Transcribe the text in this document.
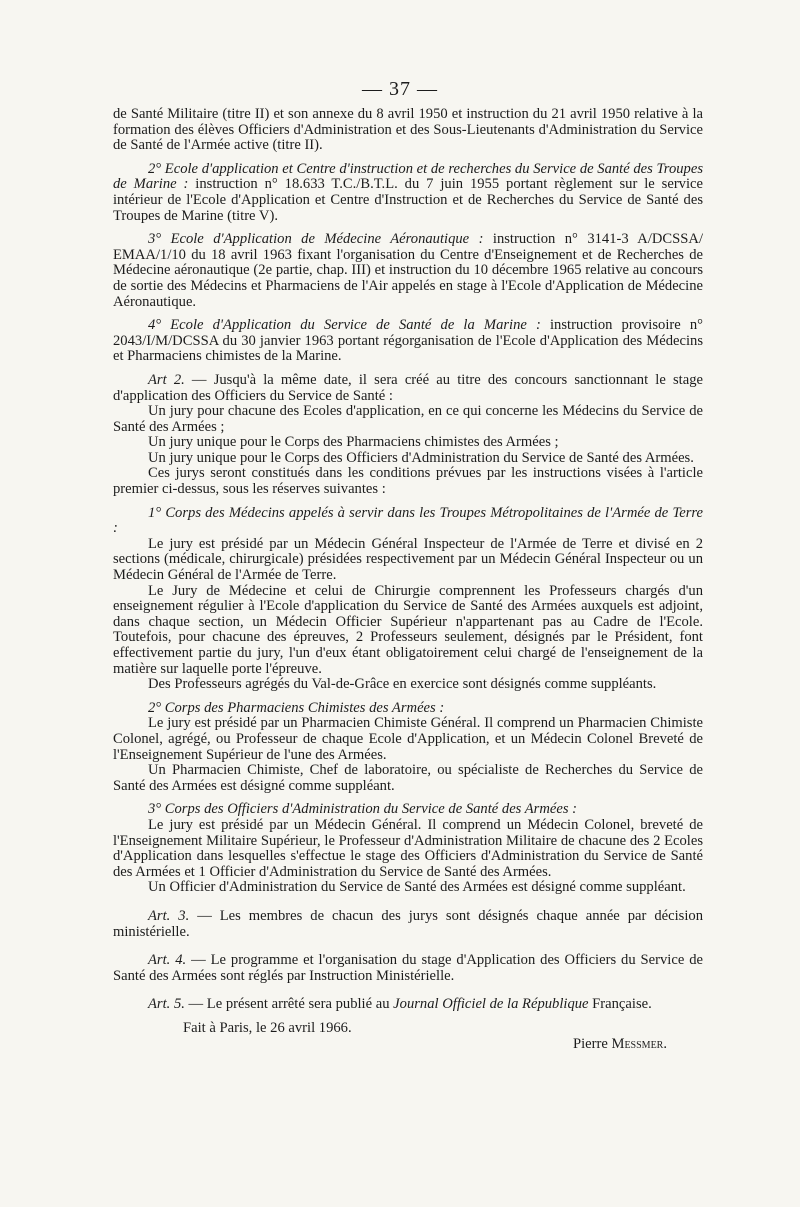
— 37 —

de Santé Militaire (titre II) et son annexe du 8 avril 1950 et instruction du 21 avril 1950 relative à la formation des élèves Officiers d'Administration et des Sous-Lieutenants d'Administration du Service de Santé de l'Armée active (titre II).

2° Ecole d'application et Centre d'instruction et de recherches du Service de Santé des Troupes de Marine : instruction n° 18.633 T.C./B.T.L. du 7 juin 1955 portant règlement sur le service intérieur de l'Ecole d'Application et Centre d'Instruction et de Recherches du Service de Santé des Troupes de Marine (titre V).

3° Ecole d'Application de Médecine Aéronautique : instruction n° 3141-3 A/DCSSA/ EMAA/1/10 du 18 avril 1963 fixant l'organisation du Centre d'Enseignement et de Recherches de Médecine aéronautique (2e partie, chap. III) et instruction du 10 décembre 1965 relative au concours de sortie des Médecins et Pharmaciens de l'Air appelés en stage à l'Ecole d'Application de Médecine Aéronautique.

4° Ecole d'Application du Service de Santé de la Marine : instruction provisoire n° 2043/I/M/DCSSA du 30 janvier 1963 portant régorganisation de l'Ecole d'Application des Médecins et Pharmaciens chimistes de la Marine.

Art 2. — Jusqu'à la même date, il sera créé au titre des concours sanctionnant le stage d'application des Officiers du Service de Santé :

Un jury pour chacune des Ecoles d'application, en ce qui concerne les Médecins du Service de Santé des Armées ;

Un jury unique pour le Corps des Pharmaciens chimistes des Armées ;

Un jury unique pour le Corps des Officiers d'Administration du Service de Santé des Armées.

Ces jurys seront constitués dans les conditions prévues par les instructions visées à l'article premier ci-dessus, sous les réserves suivantes :

1° Corps des Médecins appelés à servir dans les Troupes Métropolitaines de l'Armée de Terre :

Le jury est présidé par un Médecin Général Inspecteur de l'Armée de Terre et divisé en 2 sections (médicale, chirurgicale) présidées respectivement par un Médecin Général Inspecteur ou un Médecin Général de l'Armée de Terre.

Le Jury de Médecine et celui de Chirurgie comprennent les Professeurs chargés d'un enseignement régulier à l'Ecole d'application du Service de Santé des Armées auxquels est adjoint, dans chaque section, un Médecin Officier Supérieur n'appartenant pas au Cadre de l'Ecole. Toutefois, pour chacune des épreuves, 2 Professeurs seulement, désignés par le Président, font effectivement partie du jury, l'un d'eux étant obligatoirement celui chargé de l'enseignement de la matière sur laquelle porte l'épreuve.

Des Professeurs agrégés du Val-de-Grâce en exercice sont désignés comme suppléants.

2° Corps des Pharmaciens Chimistes des Armées :

Le jury est présidé par un Pharmacien Chimiste Général. Il comprend un Pharmacien Chimiste Colonel, agrégé, ou Professeur de chaque Ecole d'Application, et un Médecin Colonel Breveté de l'Enseignement Supérieur de l'une des Armées.

Un Pharmacien Chimiste, Chef de laboratoire, ou spécialiste de Recherches du Service de Santé des Armées est désigné comme suppléant.

3° Corps des Officiers d'Administration du Service de Santé des Armées :

Le jury est présidé par un Médecin Général. Il comprend un Médecin Colonel, breveté de l'Enseignement Militaire Supérieur, le Professeur d'Administration Militaire de chacune des 2 Ecoles d'Application dans lesquelles s'effectue le stage des Officiers d'Administration du Service de Santé des Armées et 1 Officier d'Administration du Service de Santé des Armées.

Un Officier d'Administration du Service de Santé des Armées est désigné comme suppléant.

Art. 3. — Les membres de chacun des jurys sont désignés chaque année par décision ministérielle.

Art. 4. — Le programme et l'organisation du stage d'Application des Officiers du Service de Santé des Armées sont réglés par Instruction Ministérielle.

Art. 5. — Le présent arrêté sera publié au Journal Officiel de la République Française.

Fait à Paris, le 26 avril 1966.
Pierre Messmer.
